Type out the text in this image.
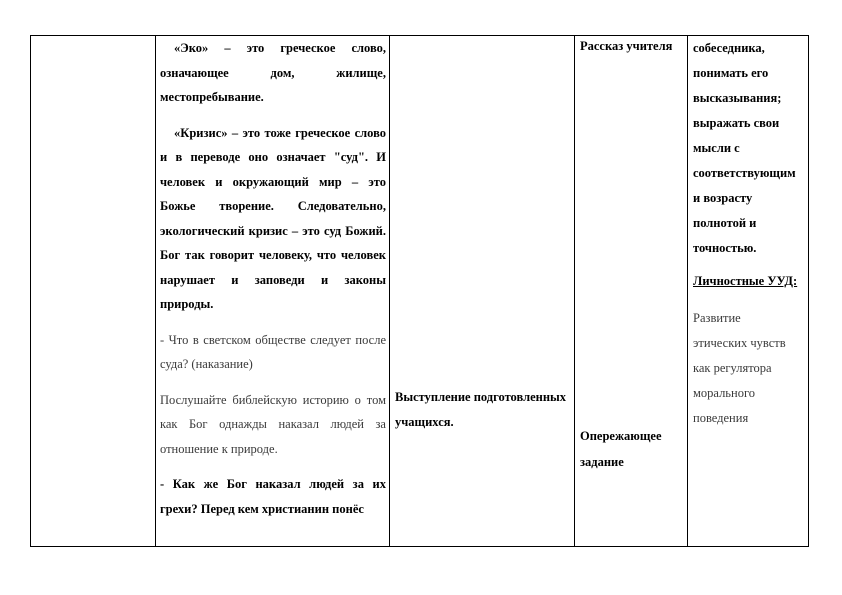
«Эко» – это греческое слово, означающее дом, жилище, местопребывание.

«Кризис» – это тоже греческое слово и в переводе оно означает "суд". И человек и окружающий мир – это Божье творение. Следовательно, экологический кризис – это суд Божий. Бог так говорит человеку, что человек нарушает и заповеди и законы природы.

- Что в светском обществе следует после суда? (наказание)

Послушайте библейскую историю о том как Бог однажды наказал людей за отношение к природе.

- Как же Бог наказал людей за их грехи? Перед кем христианин понёс

Выступление подготовленных учащихся.
Рассказ учителя
Опережающее задание
собеседника,
понимать его
высказывания;
выражать свои
мысли с
соответствующим
и возрасту
полнотой и
точностью.
Личностные УУД:
Развитие
этических чувств
как регулятора
морального
поведения
